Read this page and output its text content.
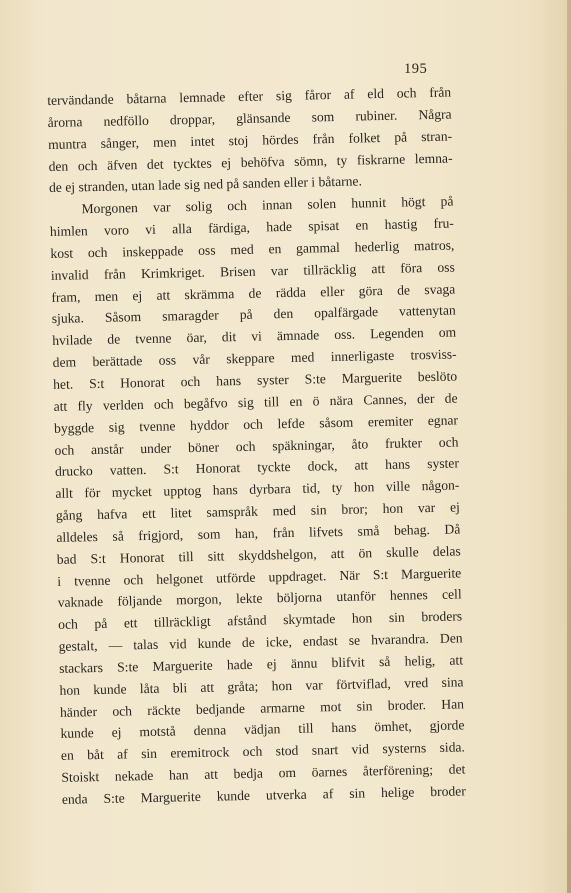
195
tervändande båtarna lemnade efter sig fåror af eld och från
årorna nedföllo droppar, glänsande som rubiner. Några
muntra sånger, men intet stoj hördes från folket på stran-
den och äfven det tycktes ej behöfva sömn, ty fiskrarne lemna-
de ej stranden, utan lade sig ned på sanden eller i båtarne.
Morgonen var solig och innan solen hunnit högt på
himlen voro vi alla färdiga, hade spisat en hastig fru-
kost och inskeppade oss med en gammal hederlig matros,
invalid från Krimkriget. Brisen var tillräcklig att föra oss
fram, men ej att skrämma de rädda eller göra de svaga
sjuka. Såsom smaragder på den opalfärgade vattenytan
hvilade de tvenne öar, dit vi ämnade oss. Legenden om
dem berättade oss vår skeppare med innerligaste trosviss-
het. S:t Honorat och hans syster S:te Marguerite beslöto
att fly verlden och begåfvo sig till en ö nära Cannes, der de
byggde sig tvenne hyddor och lefde såsom eremiter egnar
och anstår under böner och späkningar, åto frukter och
drucko vatten. S:t Honorat tyckte dock, att hans syster
allt för mycket upptog hans dyrbara tid, ty hon ville någon-
gång hafva ett litet samspråk med sin bror; hon var ej
alldeles så frigjord, som han, från lifvets små behag. Då
bad S:t Honorat till sitt skyddshelgon, att ön skulle delas
i tvenne och helgonet utförde uppdraget. När S:t Marguerite
vaknade följande morgon, lekte böljorna utanför hennes cell
och på ett tillräckligt afstånd skymtade hon sin broders
gestalt, — talas vid kunde de icke, endast se hvarandra. Den
stackars S:te Marguerite hade ej ännu blifvit så helig, att
hon kunde låta bli att gråta; hon var förtviflad, vred sina
händer och räckte bedjande armarne mot sin broder. Han
kunde ej motstå denna vädjan till hans ömhet, gjorde
en båt af sin eremitrock och stod snart vid systerns sida.
Stoiskt nekade han att bedja om öarnes återförening; det
enda S:te Marguerite kunde utverka af sin helige broder
